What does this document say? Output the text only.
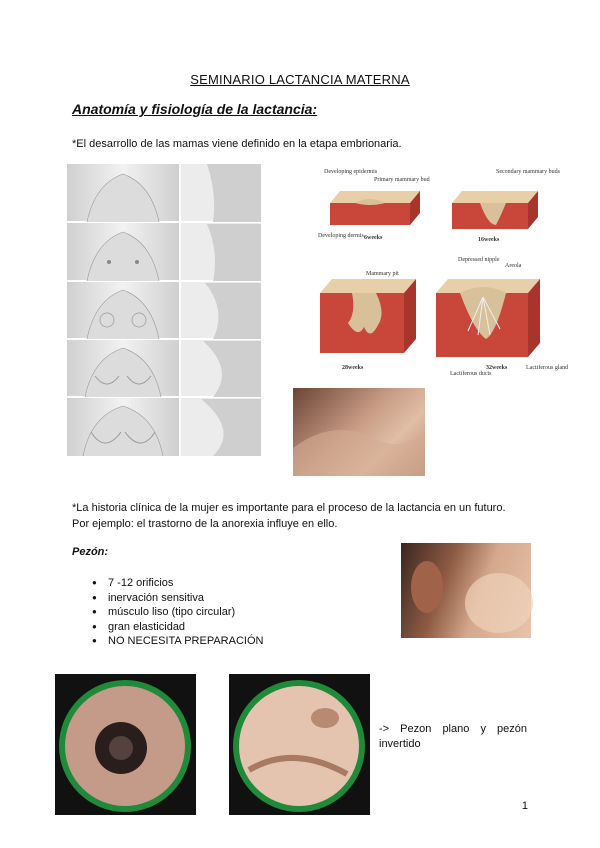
SEMINARIO LACTANCIA MATERNA
Anatomía y fisiología de la lactancia:
*El desarrollo de las mamas viene definido en la etapa embrionaria.
Developing epidermis
Primary mammary bud
Developing dermis 6weeks
Secondary mammary buds
16weeks
Mammary pit
28weeks
Depressed nipple
Areola
32weeks
Lactiferous ducts
Lactiferous gland
*La historia clínica de la mujer es importante para el proceso de la lactancia en un futuro.
Por ejemplo: el trastorno de la anorexia influye en ello.
Pezón:
● 7 -12 orificios
● inervación sensitiva
● músculo liso (tipo circular)
● gran elasticidad
● NO NECESITA PREPARACIÓN
-> Pezon plano y pezón invertido
1
